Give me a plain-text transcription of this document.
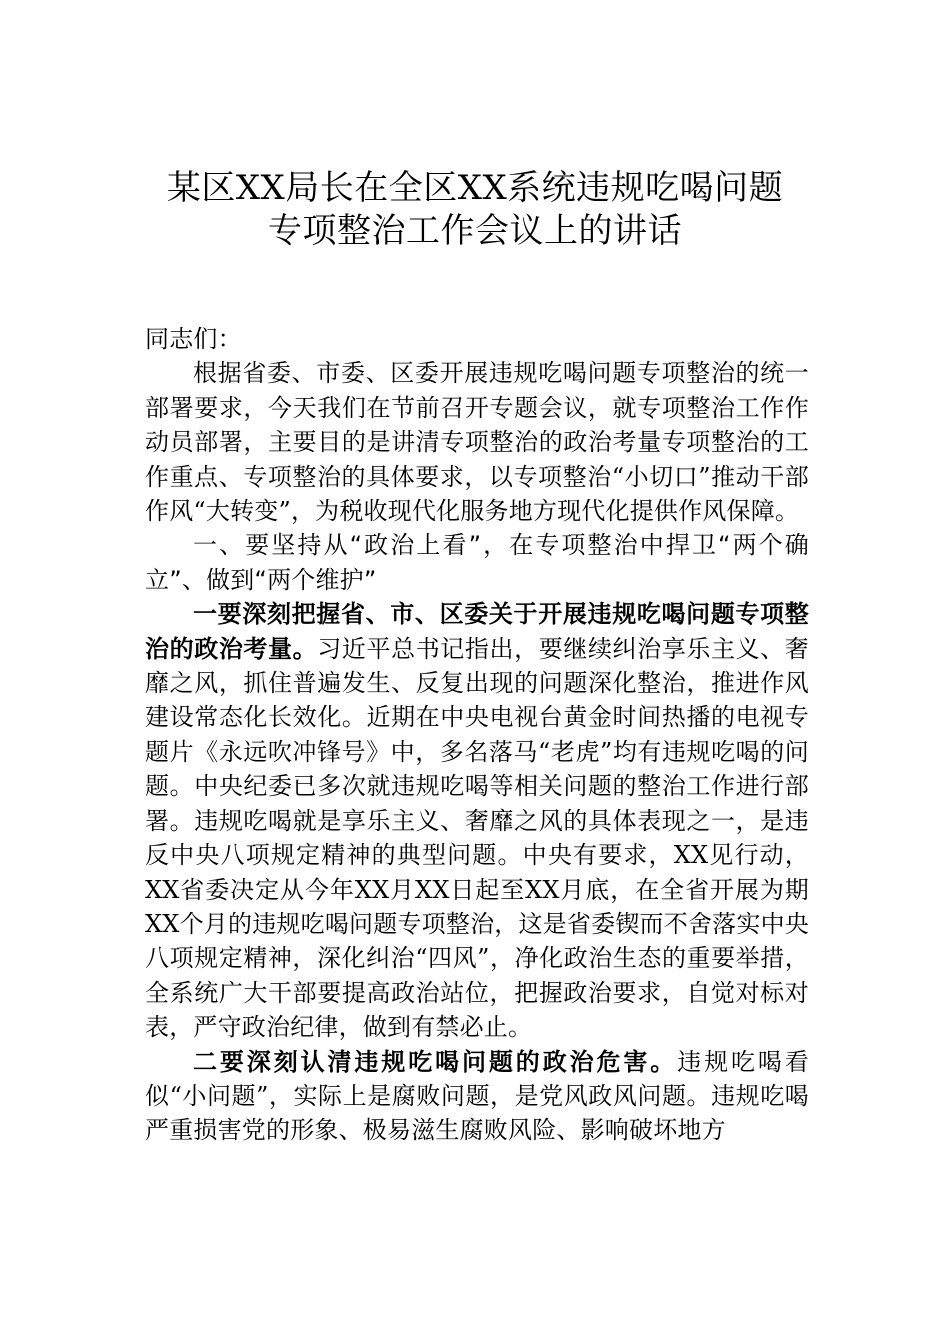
某区XX局长在全区XX系统违规吃喝问题
专项整治工作会议上的讲话

同志们：

根据省委、市委、区委开展违规吃喝问题专项整治的统一部署要求，今天我们在节前召开专题会议，就专项整治工作作动员部署，主要目的是讲清专项整治的政治考量专项整治的工作重点、专项整治的具体要求，以专项整治“小切口”推动干部作风“大转变”，为税收现代化服务地方现代化提供作风保障。

一、要坚持从“政治上看”，在专项整治中捍卫“两个确立”、做到“两个维护”

一要深刻把握省、市、区委关于开展违规吃喝问题专项整治的政治考量。习近平总书记指出，要继续纠治享乐主义、奢靡之风，抓住普遍发生、反复出现的问题深化整治，推进作风建设常态化长效化。近期在中央电视台黄金时间热播的电视专题片《永远吹冲锋号》中，多名落马“老虎”均有违规吃喝的问题。中央纪委已多次就违规吃喝等相关问题的整治工作进行部署。违规吃喝就是享乐主义、奢靡之风的具体表现之一，是违反中央八项规定精神的典型问题。中央有要求，XX见行动，XX省委决定从今年XX月XX日起至XX月底，在全省开展为期XX个月的违规吃喝问题专项整治，这是省委锲而不舍落实中央八项规定精神，深化纠治“四风”，净化政治生态的重要举措，全系统广大干部要提高政治站位，把握政治要求，自觉对标对表，严守政治纪律，做到有禁必止。

二要深刻认清违规吃喝问题的政治危害。违规吃喝看似“小问题”，实际上是腐败问题，是党风政风问题。违规吃喝严重损害党的形象、极易滋生腐败风险、影响破坏地方
